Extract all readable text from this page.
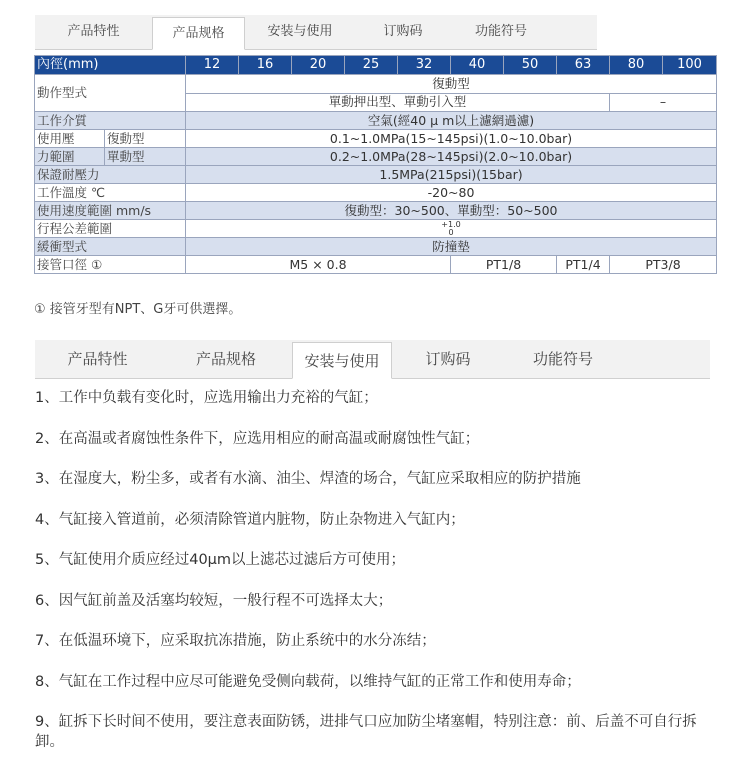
产品特性	产品规格	安装与使用	订购码	功能符号
內徑(mm)		12	16	20	25	32	40	50	63	80	100
動作型式		復動型									
		單動押出型、單動引入型								–	
工作介質		空氣(經40 μ m以上濾網過濾)									
使用壓	復動型	0.1~1.0MPa(15~145psi)(1.0~10.0bar)									
力範圍	單動型	0.2~1.0MPa(28~145psi)(2.0~10.0bar)									
保證耐壓力		1.5MPa(215psi)(15bar)									
工作溫度 ℃		-20~80									
使用速度範圍 mm/s		復動型：30~500、單動型：50~500									
行程公差範圍		+1.0
0									
緩衝型式		防撞墊									
接管口徑 ①		M5 × 0.8					PT1/8		PT1/4	PT3/8	
① 接管牙型有NPT、G牙可供選擇。
产品特性	产品规格	安装与使用	订购码	功能符号
1、工作中负载有变化时，应选用输出力充裕的气缸；
2、在高温或者腐蚀性条件下，应选用相应的耐高温或耐腐蚀性气缸；
3、在湿度大，粉尘多，或者有水滴、油尘、焊渣的场合，气缸应采取相应的防护措施
4、气缸接入管道前，必须清除管道内脏物，防止杂物进入气缸内；
5、气缸使用介质应经过40μm以上滤芯过滤后方可使用；
6、因气缸前盖及活塞均较短，一般行程不可选择太大；
7、在低温环境下，应采取抗冻措施，防止系统中的水分冻结；
8、气缸在工作过程中应尽可能避免受侧向载荷，以维持气缸的正常工作和使用寿命；
9、缸拆下长时间不使用，要注意表面防锈，进排气口应加防尘堵塞帽，特别注意：前、后盖不可自行拆卸。
